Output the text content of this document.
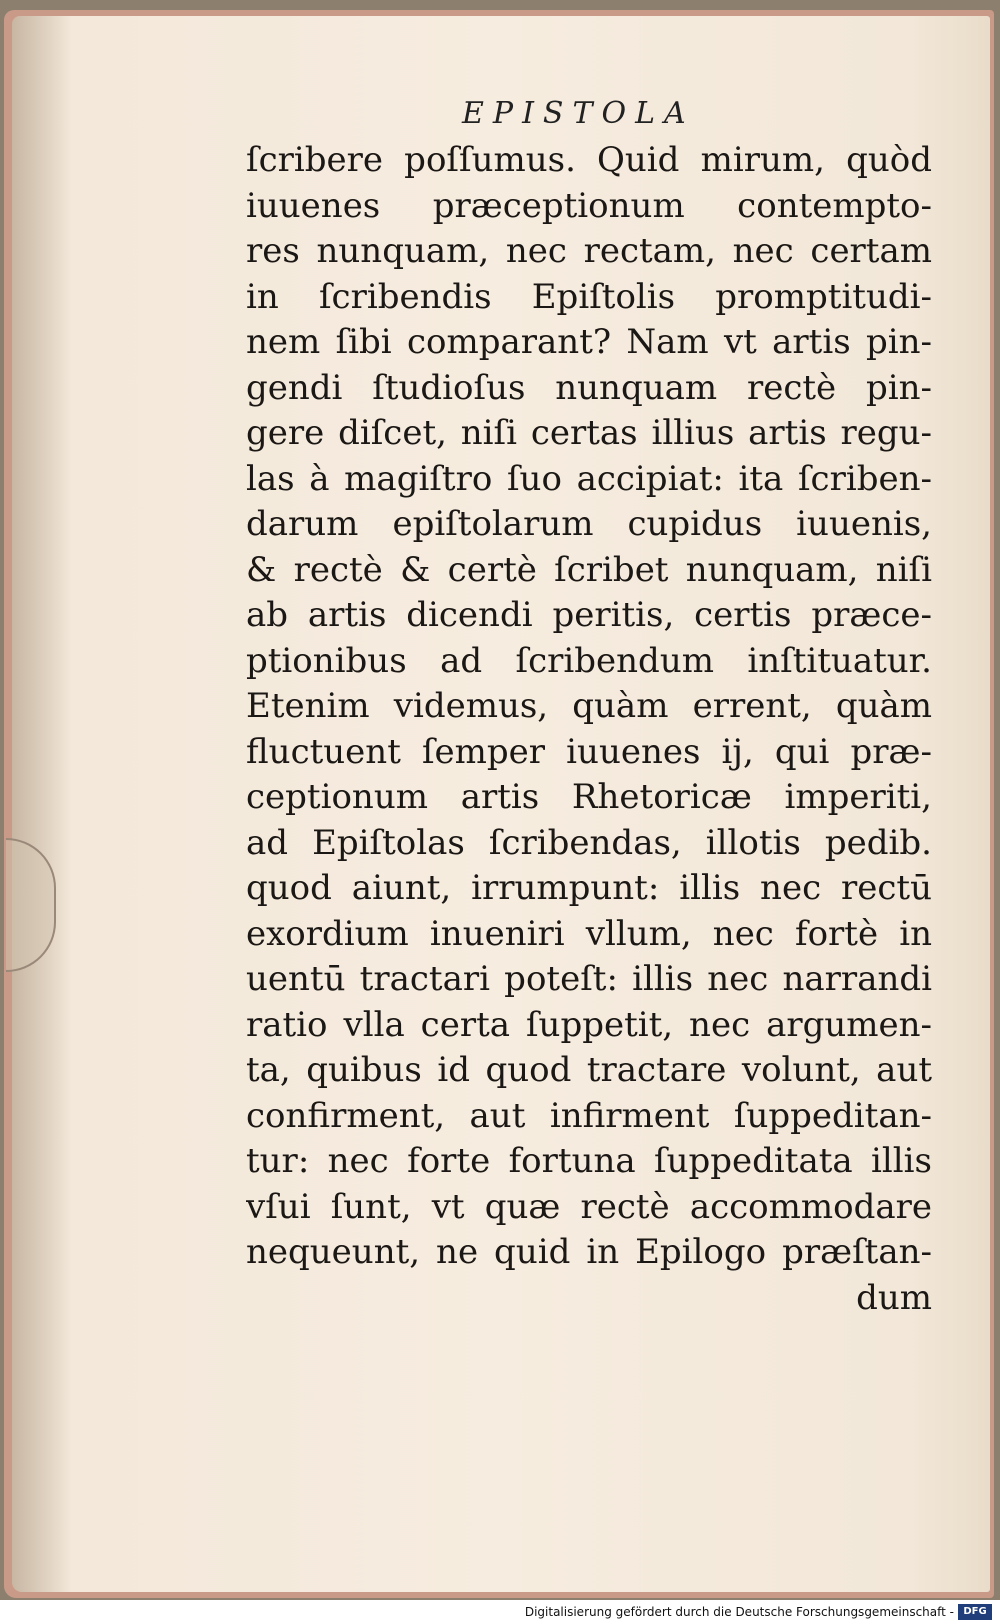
EPISTOLA
ſcribere poſſumus. Quid mirum, quòd
iuuenes præceptionum contempto-
res nunquam, nec rectam, nec certam
in ſcribendis Epiſtolis promptitudi-
nem ſibi comparant? Nam vt artis pin-
gendi ſtudioſus nunquam rectè pin-
gere diſcet, niſi certas illius artis regu-
las à magiſtro ſuo accipiat: ita ſcriben-
darum epiſtolarum cupidus iuuenis,
& rectè & certè ſcribet nunquam, niſi
ab artis dicendi peritis, certis præce-
ptionibus ad ſcribendum inſtituatur.
Etenim videmus, quàm errent, quàm
fluctuent ſemper iuuenes ij, qui præ-
ceptionum artis Rhetoricæ imperiti,
ad Epiſtolas ſcribendas, illotis pedib.
quod aiunt, irrumpunt: illis nec rectū
exordium inueniri vllum, nec fortè in
uentū tractari poteſt: illis nec narrandi
ratio vlla certa ſuppetit, nec argumen-
ta, quibus id quod tractare volunt, aut
confirment, aut infirment ſuppeditan-
tur: nec forte fortuna ſuppeditata illis
vſui ſunt, vt quæ rectè accommodare
nequeunt, ne quid in Epilogo præſtan-
dum
Digitalisierung gefördert durch die Deutsche Forschungsgemeinschaft - DFG
